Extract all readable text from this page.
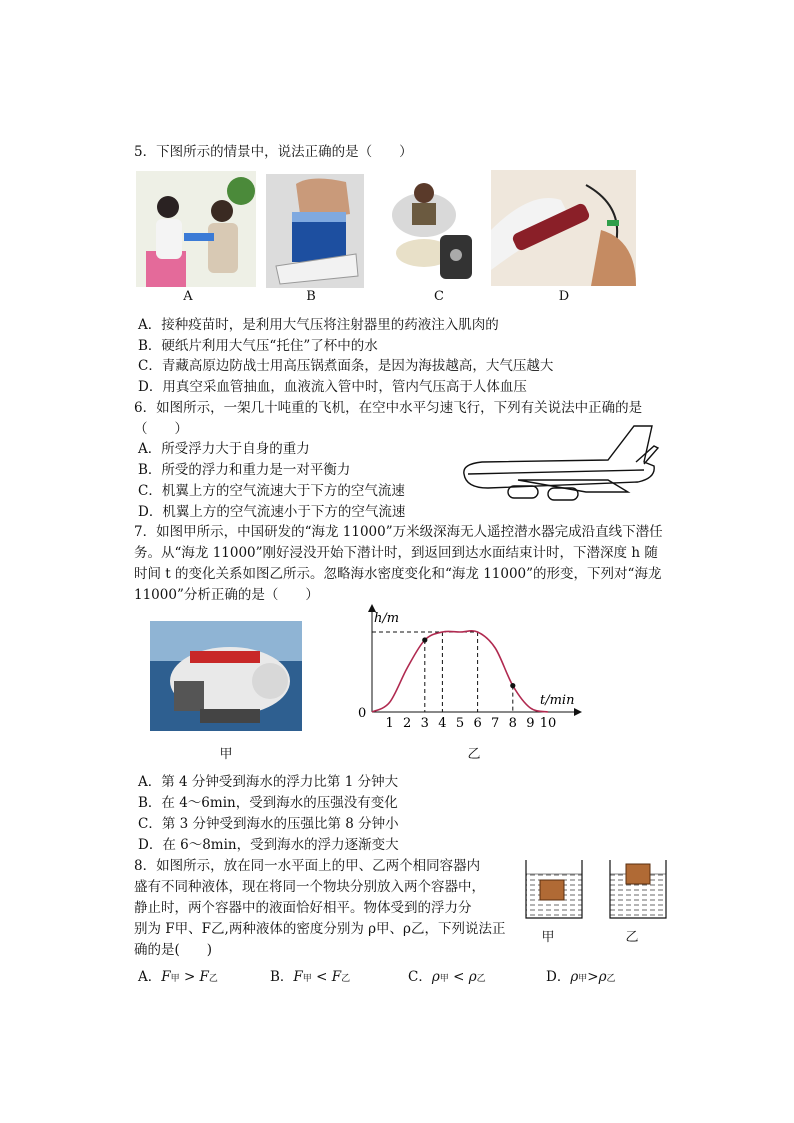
5．下图所示的情景中，说法正确的是（　　）
A	B	C	D
A．接种疫苗时，是利用大气压将注射器里的药液注入肌肉的
B．硬纸片利用大气压“托住”了杯中的水
C．青藏高原边防战士用高压锅煮面条，是因为海拔越高，大气压越大
D．用真空采血管抽血，血液流入管中时，管内气压高于人体血压
6．如图所示，一架几十吨重的飞机，在空中水平匀速飞行，下列有关说法中正确的是
（　　）
A．所受浮力大于自身的重力
B．所受的浮力和重力是一对平衡力
C．机翼上方的空气流速大于下方的空气流速
D．机翼上方的空气流速小于下方的空气流速
7．如图甲所示，中国研发的“海龙 11000”万米级深海无人遥控潜水器完成沿直线下潜任
务。从“海龙 11000”刚好浸没开始下潜计时，到返回到达水面结束计时，下潜深度 h 随
时间 t 的变化关系如图乙所示。忽略海水密度变化和“海龙 11000”的形变，下列对“海龙
11000”分析正确的是（　　）
甲	乙
1 2 3 4 5 6 7 8 9 10
h/m
t/min
0
A．第 4 分钟受到海水的浮力比第 1 分钟大
B．在 4～6min，受到海水的压强没有变化
C．第 3 分钟受到海水的压强比第 8 分钟小
D．在 6～8min，受到海水的浮力逐渐变大
8．如图所示，放在同一水平面上的甲、乙两个相同容器内
盛有不同种液体，现在将同一个物块分别放入两个容器中，
静止时，两个容器中的液面恰好相平。物体受到的浮力分
别为 F甲、F乙,两种液体的密度分别为 ρ甲、ρ乙，下列说法正
确的是(　　)
甲	乙
A．F甲 > F乙	B．F甲 < F乙	C．ρ甲 < ρ乙	D．ρ甲>ρ乙
